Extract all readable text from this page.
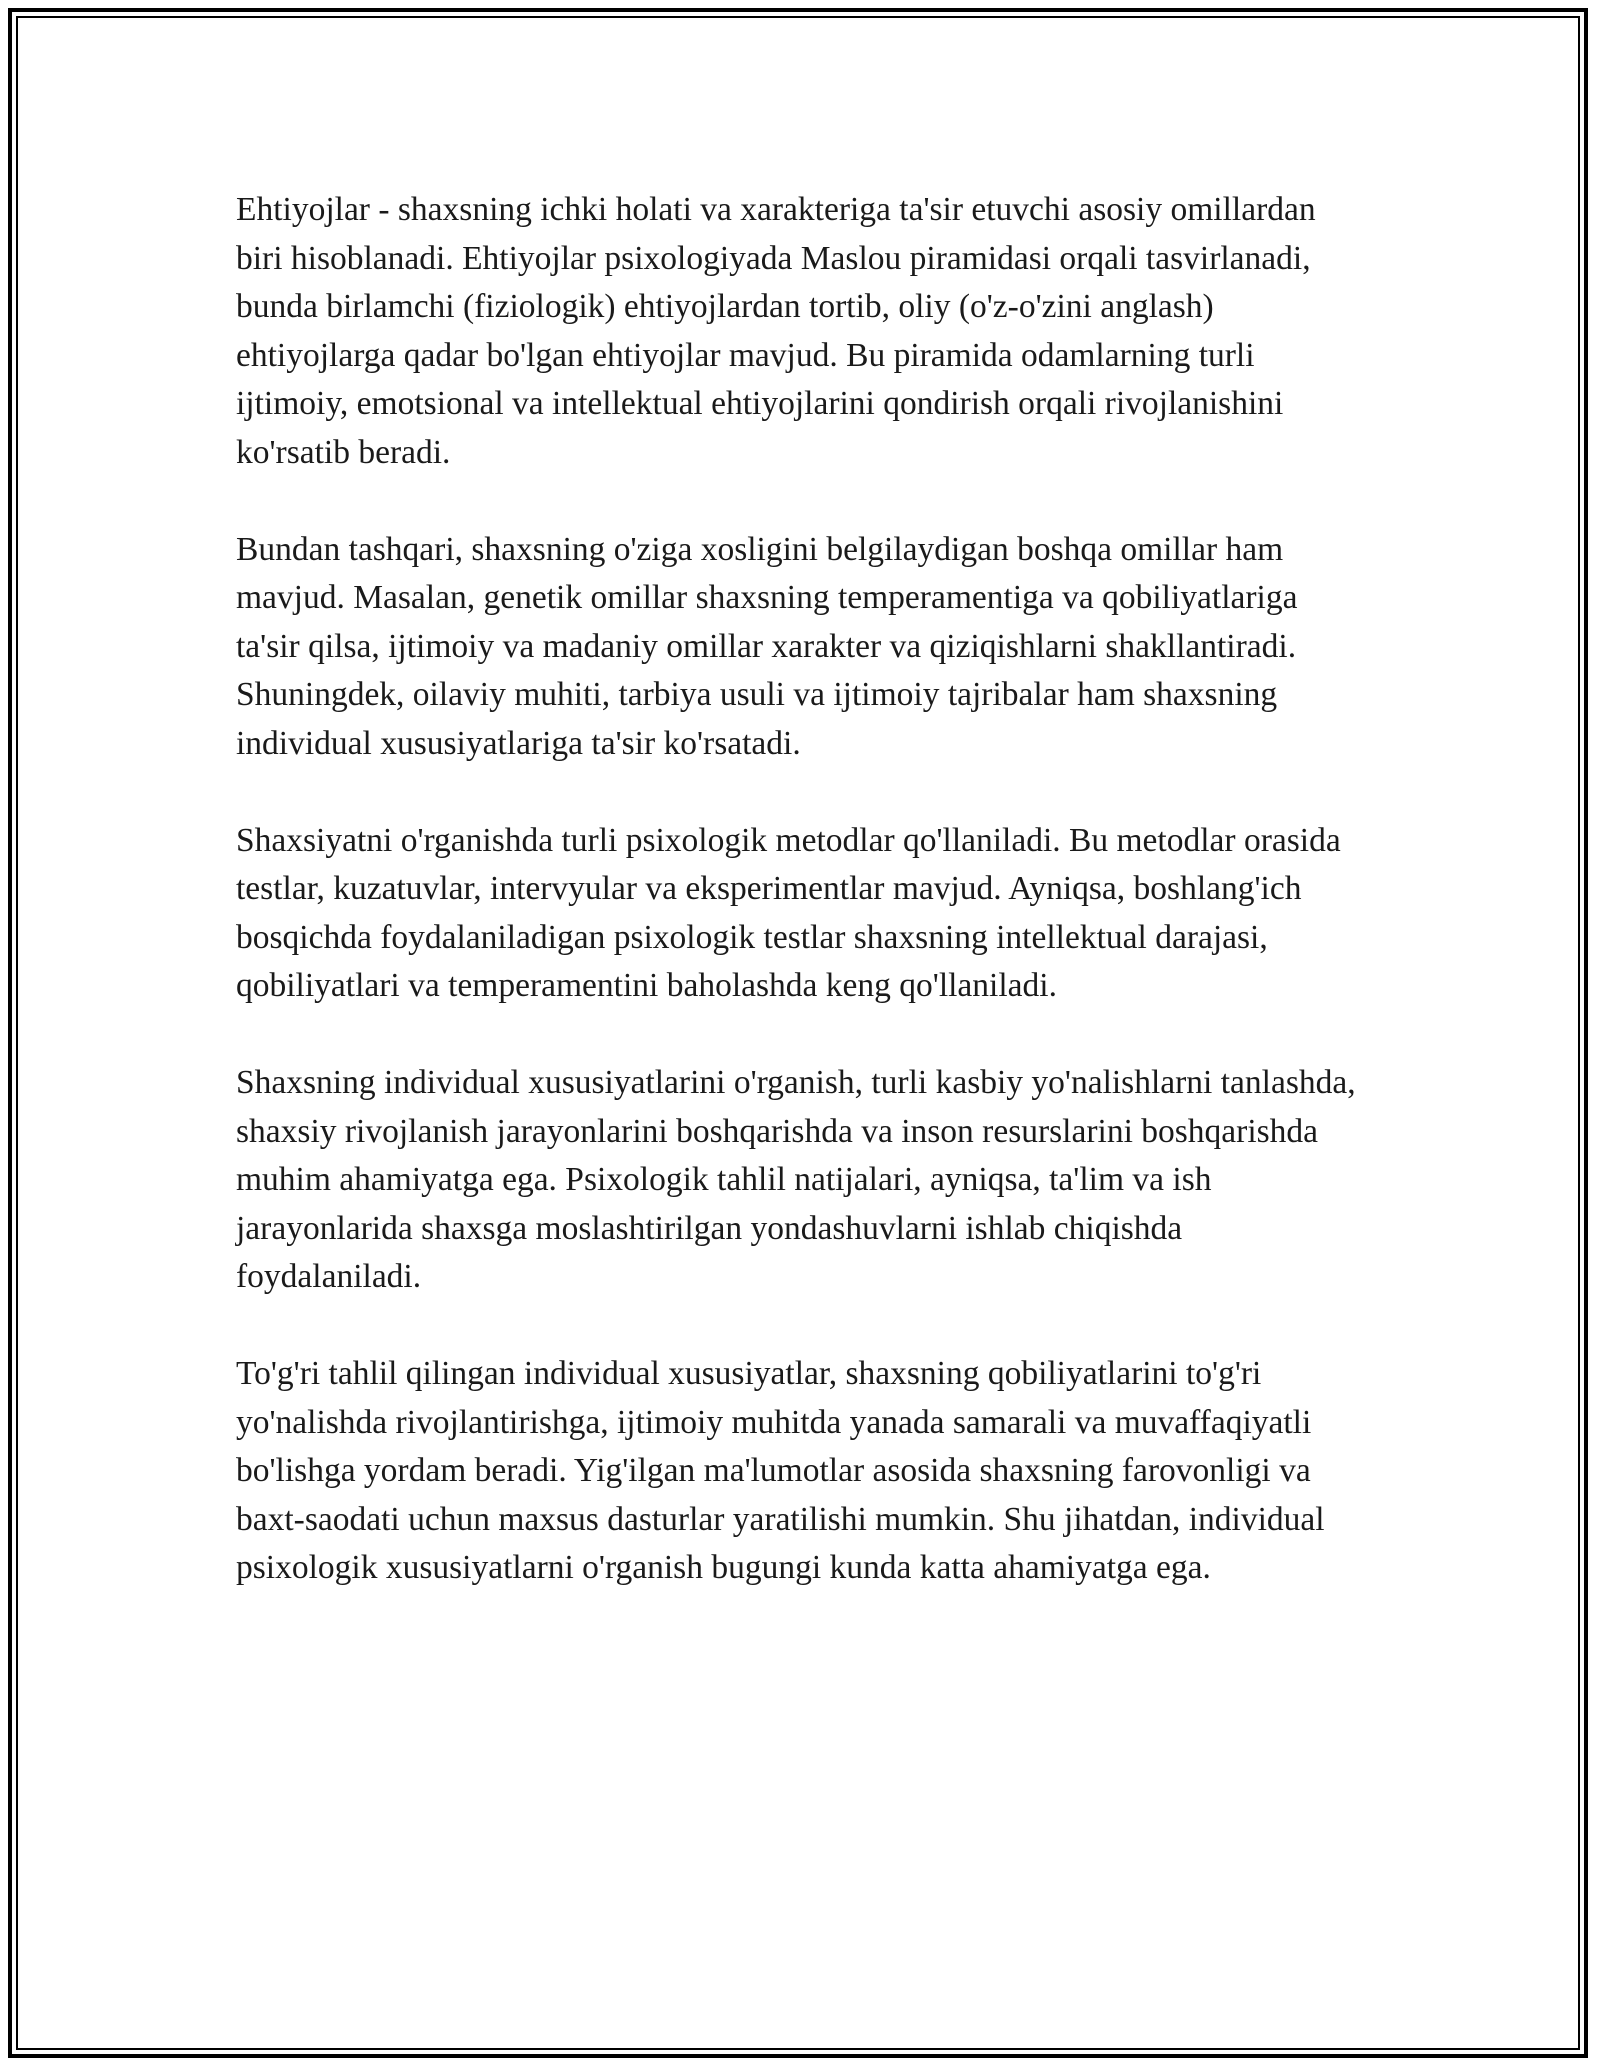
Ehtiyojlar - shaxsning ichki holati va xarakteriga ta'sir etuvchi asosiy omillardan biri hisoblanadi. Ehtiyojlar psixologiyada Maslou piramidasi orqali tasvirlanadi, bunda birlamchi (fiziologik) ehtiyojlardan tortib, oliy (o'z-o'zini anglash) ehtiyojlarga qadar bo'lgan ehtiyojlar mavjud. Bu piramida odamlarning turli ijtimoiy, emotsional va intellektual ehtiyojlarini qondirish orqali rivojlanishini ko'rsatib beradi.

Bundan tashqari, shaxsning o'ziga xosligini belgilaydigan boshqa omillar ham mavjud. Masalan, genetik omillar shaxsning temperamentiga va qobiliyatlariga ta'sir qilsa, ijtimoiy va madaniy omillar xarakter va qiziqishlarni shakllantiradi. Shuningdek, oilaviy muhiti, tarbiya usuli va ijtimoiy tajribalar ham shaxsning individual xususiyatlariga ta'sir ko'rsatadi.

Shaxsiyatni o'rganishda turli psixologik metodlar qo'llaniladi. Bu metodlar orasida testlar, kuzatuvlar, intervyular va eksperimentlar mavjud. Ayniqsa, boshlang'ich bosqichda foydalaniladigan psixologik testlar shaxsning intellektual darajasi, qobiliyatlari va temperamentini baholashda keng qo'llaniladi.

Shaxsning individual xususiyatlarini o'rganish, turli kasbiy yo'nalishlarni tanlashda, shaxsiy rivojlanish jarayonlarini boshqarishda va inson resurslarini boshqarishda muhim ahamiyatga ega. Psixologik tahlil natijalari, ayniqsa, ta'lim va ish jarayonlarida shaxsga moslashtirilgan yondashuvlarni ishlab chiqishda foydalaniladi.

To'g'ri tahlil qilingan individual xususiyatlar, shaxsning qobiliyatlarini to'g'ri yo'nalishda rivojlantirishga, ijtimoiy muhitda yanada samarali va muvaffaqiyatli bo'lishga yordam beradi. Yig'ilgan ma'lumotlar asosida shaxsning farovonligi va baxt-saodati uchun maxsus dasturlar yaratilishi mumkin. Shu jihatdan, individual psixologik xususiyatlarni o'rganish bugungi kunda katta ahamiyatga ega.
